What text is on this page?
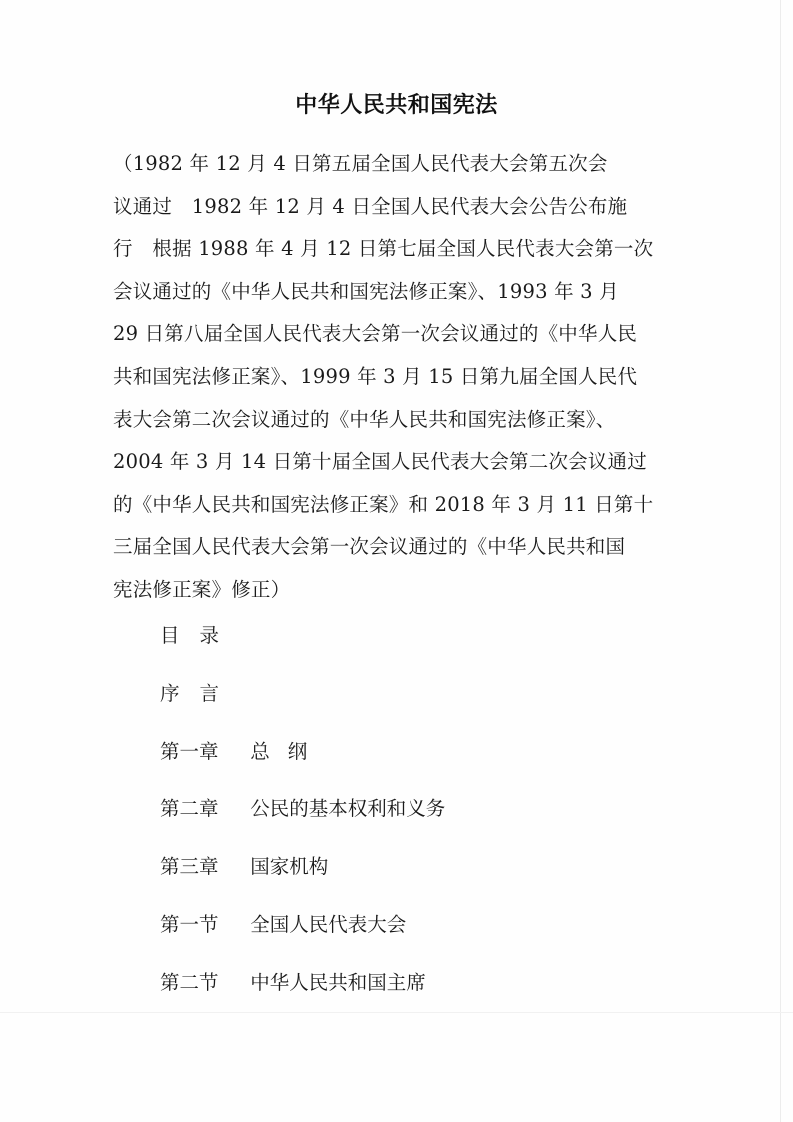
中华人民共和国宪法
（1982 年 12 月 4 日第五届全国人民代表大会第五次会
议通过　1982 年 12 月 4 日全国人民代表大会公告公布施
行　根据 1988 年 4 月 12 日第七届全国人民代表大会第一次
会议通过的《中华人民共和国宪法修正案》、1993 年 3 月
29 日第八届全国人民代表大会第一次会议通过的《中华人民
共和国宪法修正案》、1999 年 3 月 15 日第九届全国人民代
表大会第二次会议通过的《中华人民共和国宪法修正案》、
2004 年 3 月 14 日第十届全国人民代表大会第二次会议通过
的《中华人民共和国宪法修正案》和 2018 年 3 月 11 日第十
三届全国人民代表大会第一次会议通过的《中华人民共和国
宪法修正案》修正）
目录
序言
第一章 总纲
第二章 公民的基本权利和义务
第三章 国家机构
第一节 全国人民代表大会
第二节 中华人民共和国主席
